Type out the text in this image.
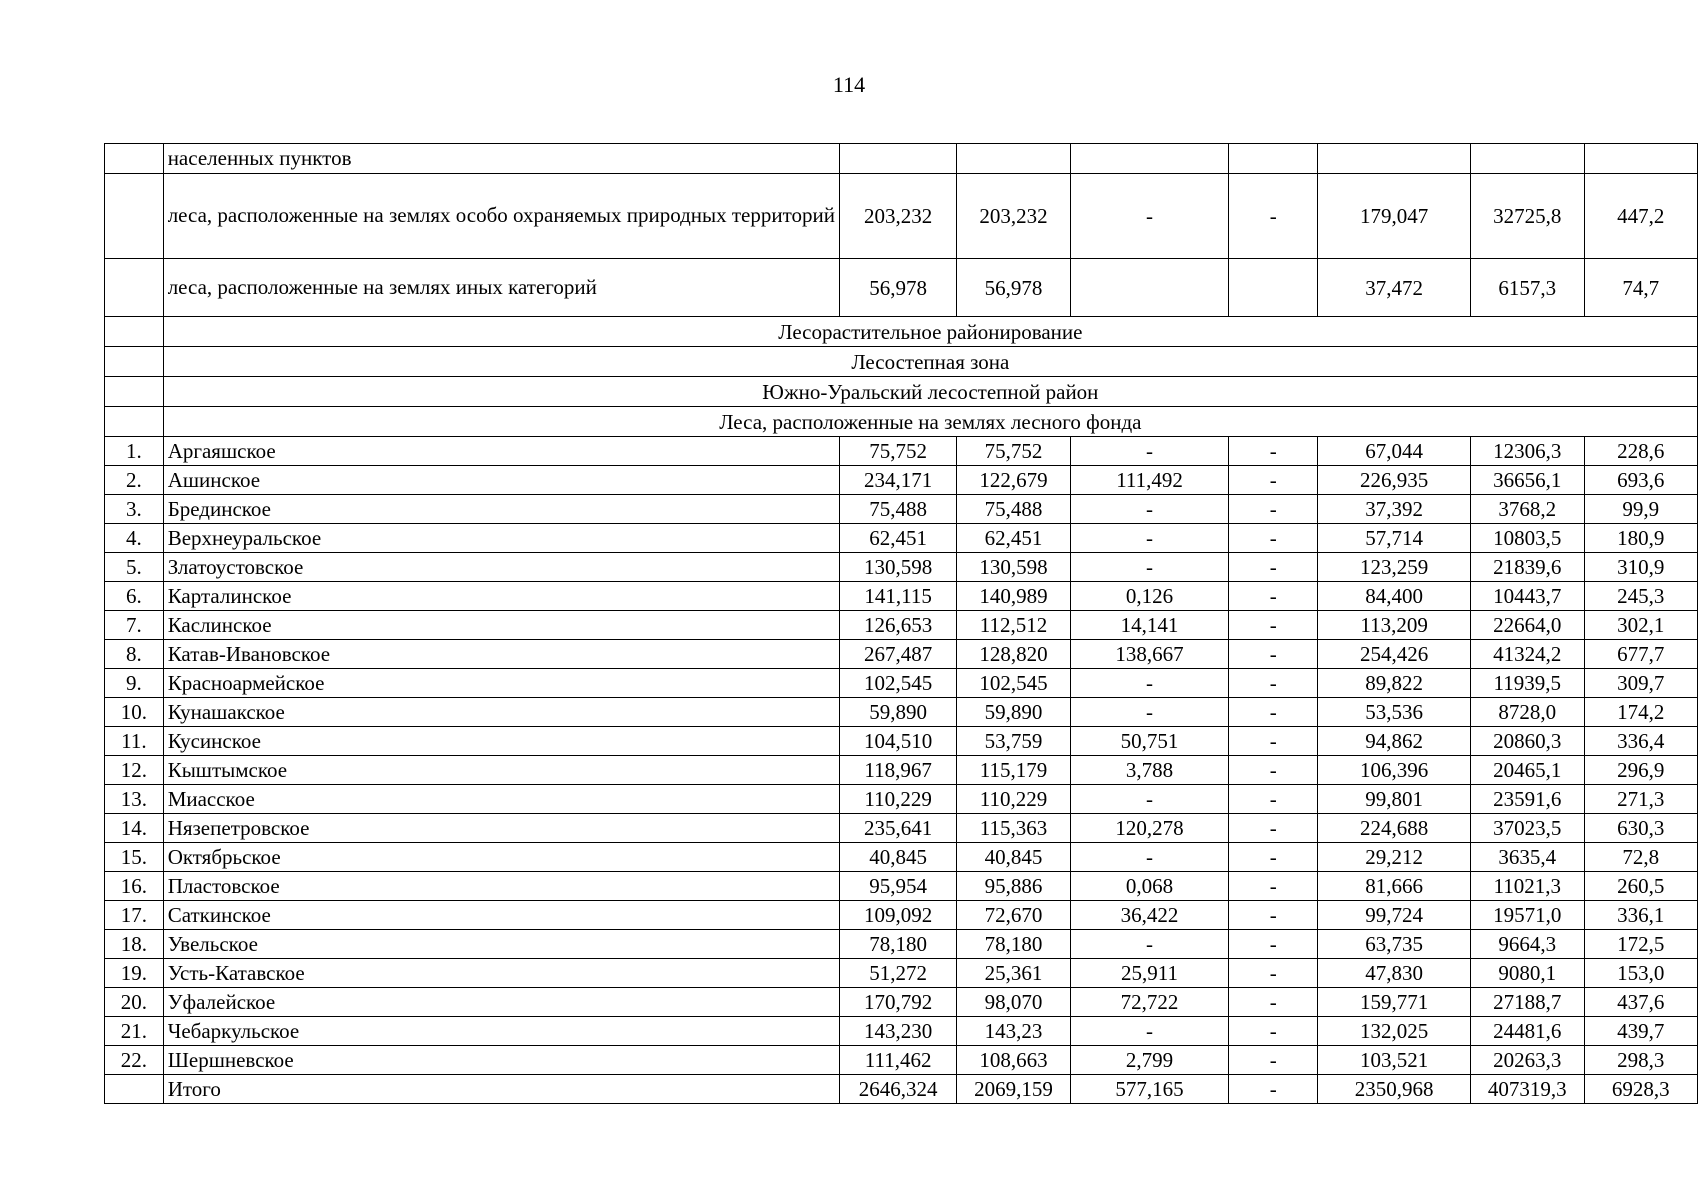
114
	населенных пунктов							
	леса, расположенные на землях особо охраняемых природных территорий	203,232	203,232	-	-	179,047	32725,8	447,2
	леса, расположенные на землях иных категорий	56,978	56,978			37,472	6157,3	74,7
	Лесорастительное районирование							
	Лесостепная зона							
	Южно-Уральский лесостепной район							
	Леса, расположенные на землях лесного фонда							
1.	Аргаяшское	75,752	75,752	-	-	67,044	12306,3	228,6
2.	Ашинское	234,171	122,679	111,492	-	226,935	36656,1	693,6
3.	Брединское	75,488	75,488	-	-	37,392	3768,2	99,9
4.	Верхнеуральское	62,451	62,451	-	-	57,714	10803,5	180,9
5.	Златоустовское	130,598	130,598	-	-	123,259	21839,6	310,9
6.	Карталинское	141,115	140,989	0,126	-	84,400	10443,7	245,3
7.	Каслинское	126,653	112,512	14,141	-	113,209	22664,0	302,1
8.	Катав-Ивановское	267,487	128,820	138,667	-	254,426	41324,2	677,7
9.	Красноармейское	102,545	102,545	-	-	89,822	11939,5	309,7
10.	Кунашакское	59,890	59,890	-	-	53,536	8728,0	174,2
11.	Кусинское	104,510	53,759	50,751	-	94,862	20860,3	336,4
12.	Кыштымское	118,967	115,179	3,788	-	106,396	20465,1	296,9
13.	Миасское	110,229	110,229	-	-	99,801	23591,6	271,3
14.	Нязепетровское	235,641	115,363	120,278	-	224,688	37023,5	630,3
15.	Октябрьское	40,845	40,845	-	-	29,212	3635,4	72,8
16.	Пластовское	95,954	95,886	0,068	-	81,666	11021,3	260,5
17.	Саткинское	109,092	72,670	36,422	-	99,724	19571,0	336,1
18.	Увельское	78,180	78,180	-	-	63,735	9664,3	172,5
19.	Усть-Катавское	51,272	25,361	25,911	-	47,830	9080,1	153,0
20.	Уфалейское	170,792	98,070	72,722	-	159,771	27188,7	437,6
21.	Чебаркульское	143,230	143,23	-	-	132,025	24481,6	439,7
22.	Шершневское	111,462	108,663	2,799	-	103,521	20263,3	298,3
	Итого	2646,324	2069,159	577,165	-	2350,968	407319,3	6928,3
